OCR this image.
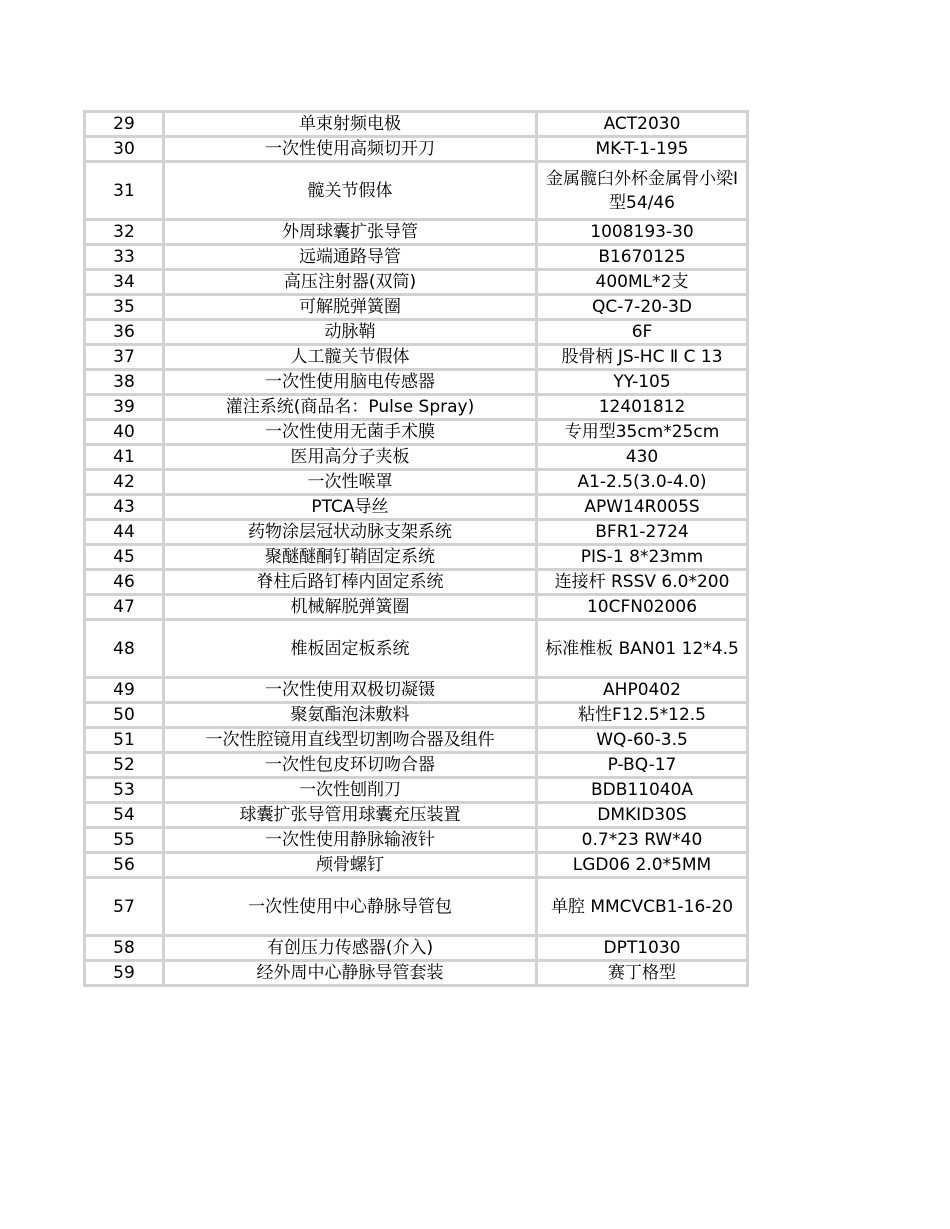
29	单束射频电极	ACT2030
30	一次性使用高频切开刀	MK-T-1-195
31	髋关节假体	金属髋臼外杯金属骨小梁Ⅰ型54/46
32	外周球囊扩张导管	1008193-30
33	远端通路导管	B1670125
34	高压注射器(双筒)	400ML*2支
35	可解脱弹簧圈	QC-7-20-3D
36	动脉鞘	6F
37	人工髋关节假体	股骨柄 JS-HC Ⅱ C 13
38	一次性使用脑电传感器	YY-105
39	灌注系统(商品名：Pulse Spray)	12401812
40	一次性使用无菌手术膜	专用型35cm*25cm
41	医用高分子夹板	430
42	一次性喉罩	A1-2.5(3.0-4.0)
43	PTCA导丝	APW14R005S
44	药物涂层冠状动脉支架系统	BFR1-2724
45	聚醚醚酮钉鞘固定系统	PIS-1 8*23mm
46	脊柱后路钉棒内固定系统	连接杆 RSSV 6.0*200
47	机械解脱弹簧圈	10CFN02006
48	椎板固定板系统	标准椎板 BAN01 12*4.5
49	一次性使用双极切凝镊	AHP0402
50	聚氨酯泡沫敷料	粘性F12.5*12.5
51	一次性腔镜用直线型切割吻合器及组件	WQ-60-3.5
52	一次性包皮环切吻合器	P-BQ-17
53	一次性刨削刀	BDB11040A
54	球囊扩张导管用球囊充压装置	DMKID30S
55	一次性使用静脉输液针	0.7*23 RW*40
56	颅骨螺钉	LGD06 2.0*5MM
57	一次性使用中心静脉导管包	单腔 MMCVCB1-16-20
58	有创压力传感器(介入)	DPT1030
59	经外周中心静脉导管套装	赛丁格型
